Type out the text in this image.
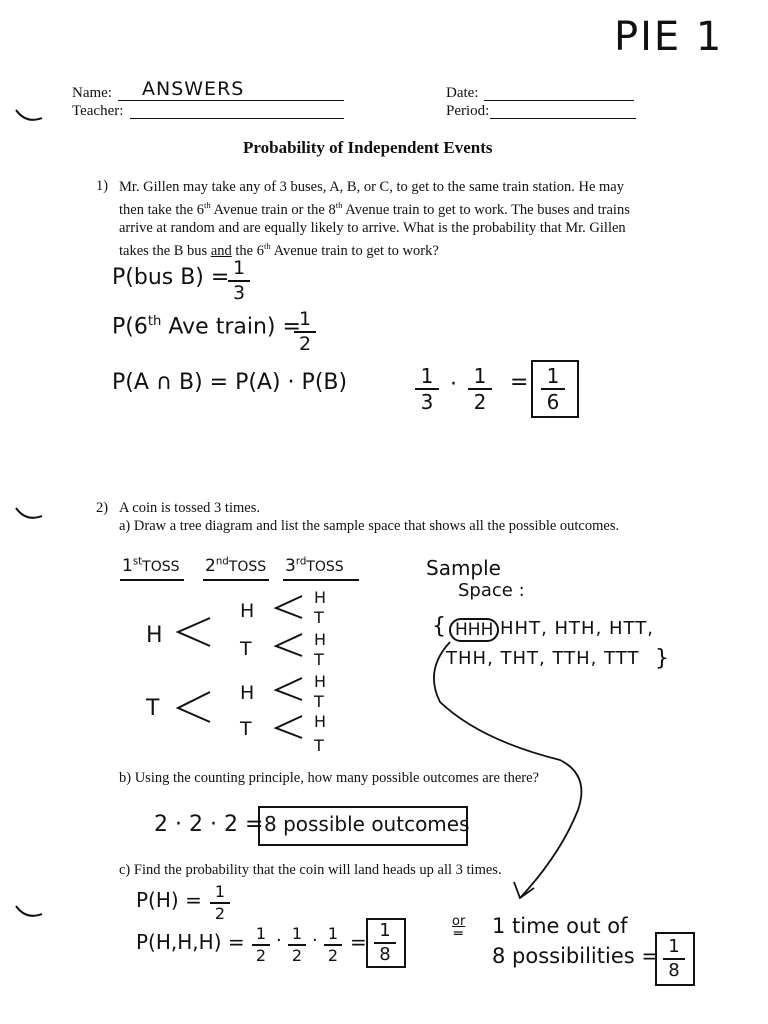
PIE 1
Name: ANSWERS
Teacher:
Date:
Period:
Probability of Independent Events
1) Mr. Gillen may take any of 3 buses, A, B, or C, to get to the same train station. He may
then take the 6th Avenue train or the 8th Avenue train to get to work. The buses and trains
arrive at random and are equally likely to arrive. What is the probability that Mr. Gillen
takes the B bus and the 6th Avenue train to get to work?
P(bus B) = 1
3
P(6th Ave train) =
1
2
P(A ∩ B) = P(A) · P(B)	1
3
· 1
2
= 1
6
2) A coin is tossed 3 times.
a) Draw a tree diagram and list the sample space that shows all the possible outcomes.
1stTOSS 2ndTOSS 3rdTOSS
H
T
H
T
H
T
H
T
H
T
H
T
H
T
Sample
Space :
{ HHH HHT, HTH, HTT,
THH, THT, TTH, TTT }
b) Using the counting principle, how many possible outcomes are there?
2 · 2 · 2 = 8 possible outcomes
c) Find the probability that the coin will land heads up all 3 times.
P(H) = 1
2
P(H,H,H) = 1
2
· 1
2
· 1
2
= 1
8
or
═ 1 time out of
8 possibilities = 1
8
